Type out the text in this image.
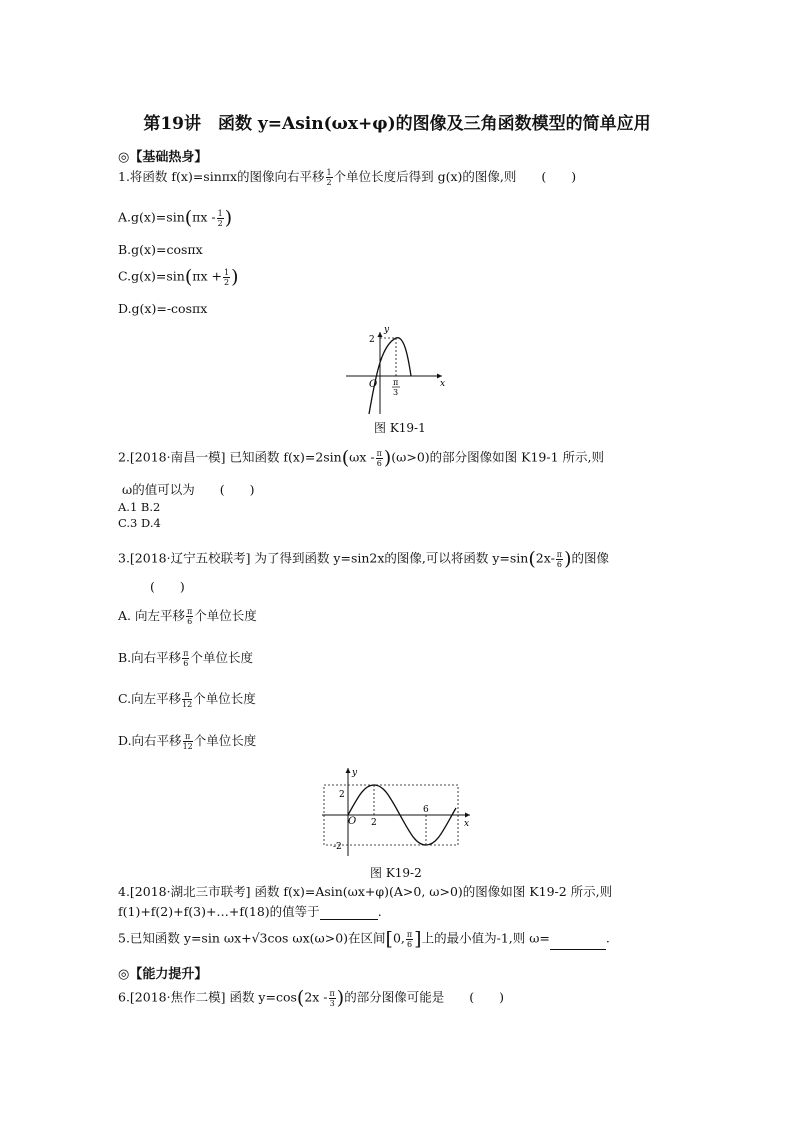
第19讲　函数 y=Asin(ωx+φ)的图像及三角函数模型的简单应用
◎【基础热身】
1.将函数 f(x)=sinπx的图像向右平移 $\frac{1}{2}$ 个单位长度后得到 g(x)的图像,则　　(　　)
$A.g(x)=\sin(\pi x - \frac{1}{2}$ )
B.g(x)=cosπx
$C.g(x)=\sin(\pi x + \frac{1}{2}$ )
D.g(x)=-cosπx
y
x
O
2
π
3
图 K19-1
2.[2018·南昌一模] 已知函数 $f(x)=2\sin(\omega x - \frac{\pi}{6} )(\omega>0)$的部分图像如图 K19-1 所示,则
ω的值可以为　　(　　)
A.1 B.2
C.3 D.4
3.[2018·辽宁五校联考] 为了得到函数 y=sin2x的图像,可以将函数 $y=\sin(2x- \frac{\pi}{6}$ )的图像
(　　)
A. 向左平移 $\frac{\pi}{6}$ 个单位长度
B.向右平移 $\frac{\pi}{6}$ 个单位长度
C.向左平移 $\frac{\pi}{12}$ 个单位长度
D.向右平移 $\frac{\pi}{12}$ 个单位长度
y
x
O
2
-2
2
6
图 K19-2
4.[2018·湖北三市联考] 函数 f(x)=Asin(ωx+φ)(A>0, ω>0)的图像如图 K19-2 所示,则
f(1)+f(2)+f(3)+…+f(18)的值等于	.
5.已知函数 y=sin ωx+√3cos ωx(ω>0)在区间[0, $\frac{\pi}{6}$ ]上的最小值为-1,则 ω=	.
◎【能力提升】
6.[2018·焦作二模] 函数 $y=\cos(2x - \frac{\pi}{3}$ )的部分图像可能是　　(　　)
